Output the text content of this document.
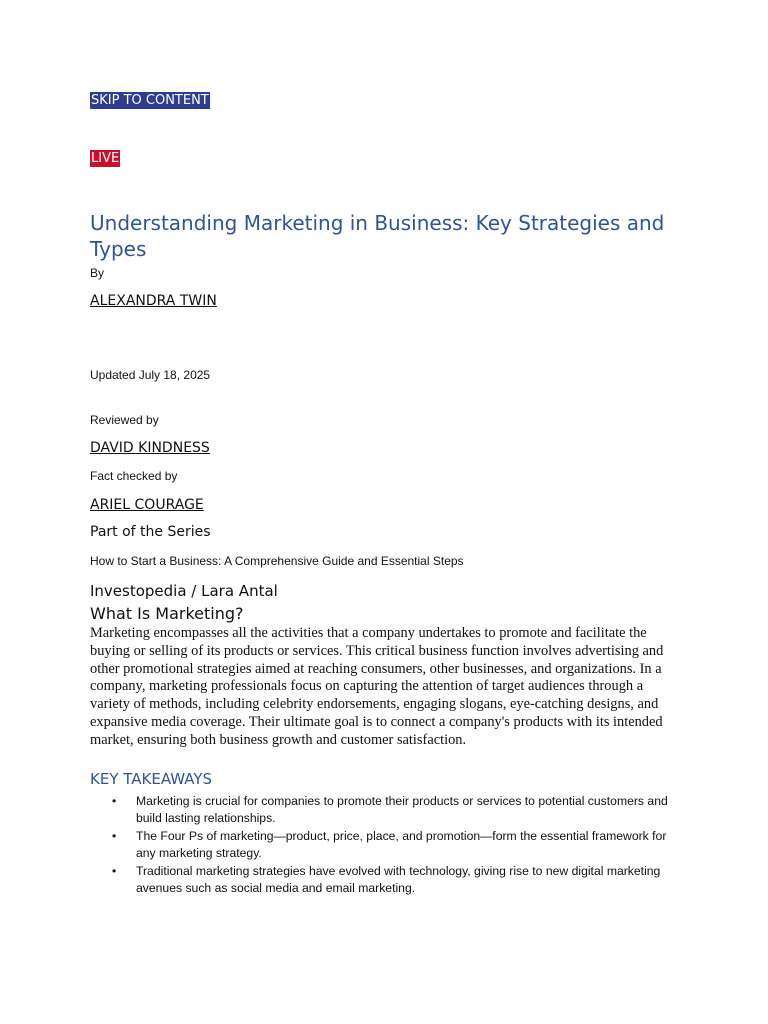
SKIP TO CONTENT
LIVE
Understanding Marketing in Business: Key Strategies and Types
By
ALEXANDRA TWIN
Updated July 18, 2025
Reviewed by
DAVID KINDNESS
Fact checked by
ARIEL COURAGE
Part of the Series
How to Start a Business: A Comprehensive Guide and Essential Steps
Investopedia / Lara Antal
What Is Marketing?

Marketing encompasses all the activities that a company undertakes to promote and facilitate the buying or selling of its products or services. This critical business function involves advertising and other promotional strategies aimed at reaching consumers, other businesses, and organizations. In a company, marketing professionals focus on capturing the attention of target audiences through a variety of methods, including celebrity endorsements, engaging slogans, eye-catching designs, and expansive media coverage. Their ultimate goal is to connect a company's products with its intended market, ensuring both business growth and customer satisfaction.

KEY TAKEAWAYS
• Marketing is crucial for companies to promote their products or services to potential customers and build lasting relationships.
• The Four Ps of marketing—product, price, place, and promotion—form the essential framework for any marketing strategy.
• Traditional marketing strategies have evolved with technology, giving rise to new digital marketing avenues such as social media and email marketing.
